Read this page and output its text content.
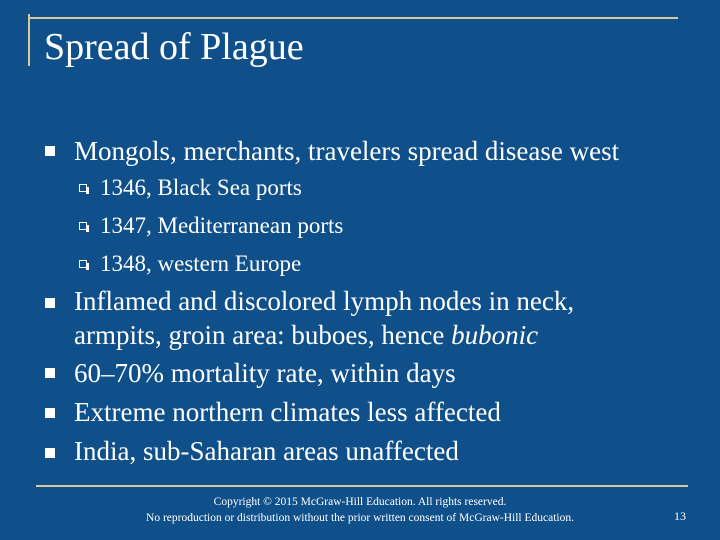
Spread of Plague
Mongols, merchants, travelers spread disease west
1346, Black Sea ports
1347, Mediterranean ports
1348, western Europe
Inflamed and discolored lymph nodes in neck,
armpits, groin area: buboes, hence bubonic
60–70% mortality rate, within days
Extreme northern climates less affected
India, sub-Saharan areas unaffected
Copyright © 2015 McGraw-Hill Education. All rights reserved.
No reproduction or distribution without the prior written consent of McGraw-Hill Education.	13
